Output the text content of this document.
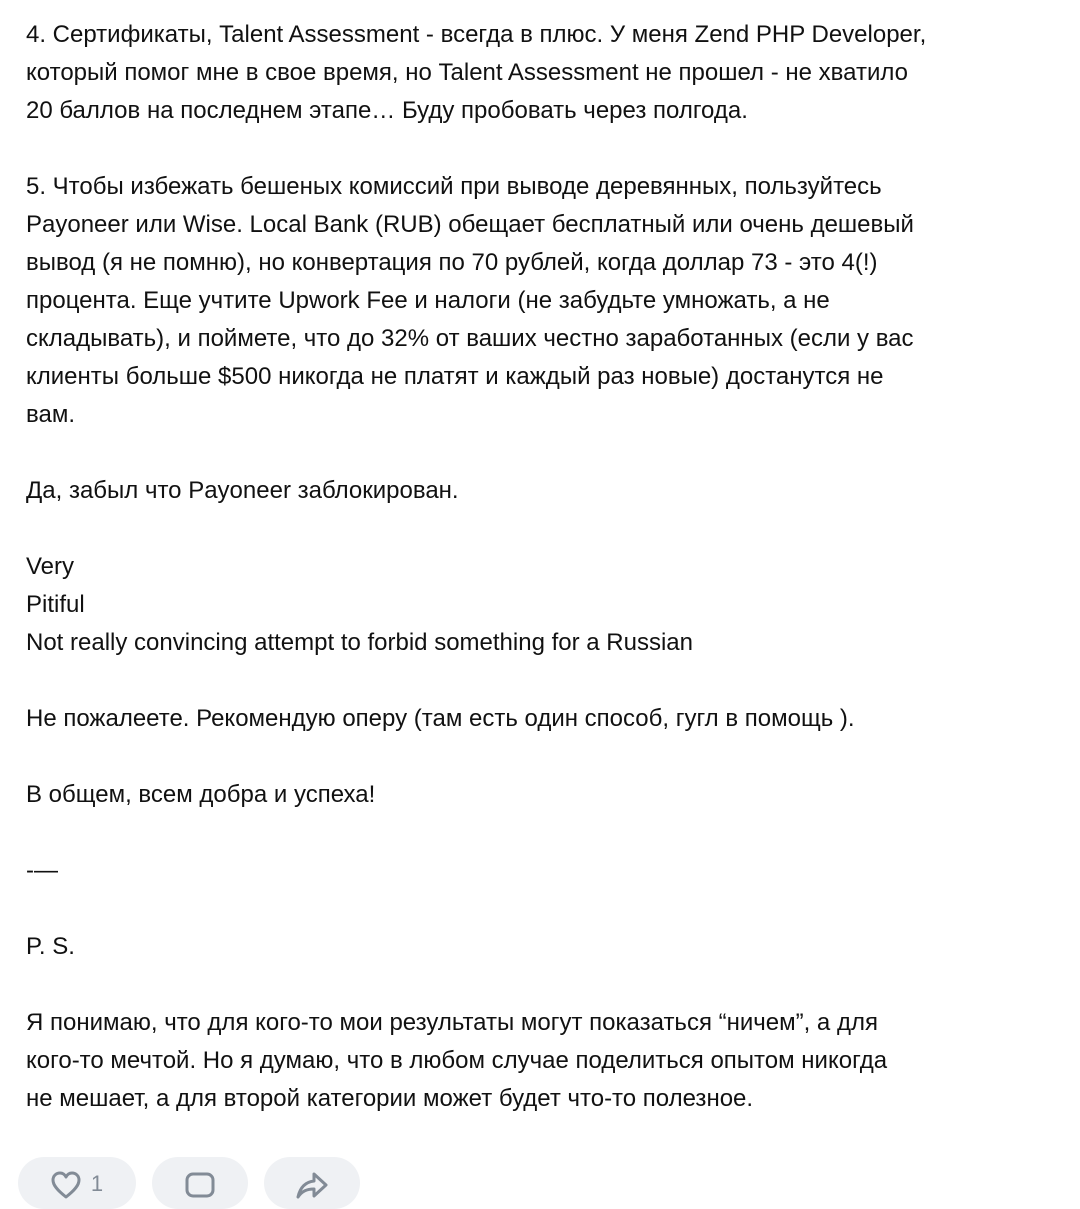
4. Сертификаты, Talent Assessment - всегда в плюс. У меня Zend PHP Developer,
который помог мне в свое время, но Talent Assessment не прошел - не хватило
20 баллов на последнем этапе… Буду пробовать через полгода.
5. Чтобы избежать бешеных комиссий при выводе деревянных, пользуйтесь
Payoneer или Wise. Local Bank (RUB) обещает бесплатный или очень дешевый
вывод (я не помню), но конвертация по 70 рублей, когда доллар 73 - это 4(!)
процента. Еще учтите Upwork Fee и налоги (не забудьте умножать, а не
складывать), и поймете, что до 32% от ваших честно заработанных (если у вас
клиенты больше $500 никогда не платят и каждый раз новые) достанутся не
вам.
Да, забыл что Payoneer заблокирован.
Very
Pitiful
Not really convincing attempt to forbid something for a Russian
Не пожалеете. Рекомендую оперу (там есть один способ, гугл в помощь ).
В общем, всем добра и успеха!
-—
P. S.
Я понимаю, что для кого-то мои результаты могут показаться “ничем”, а для
кого-то мечтой. Но я думаю, что в любом случае поделиться опытом никогда
не мешает, а для второй категории может будет что-то полезное.
1
